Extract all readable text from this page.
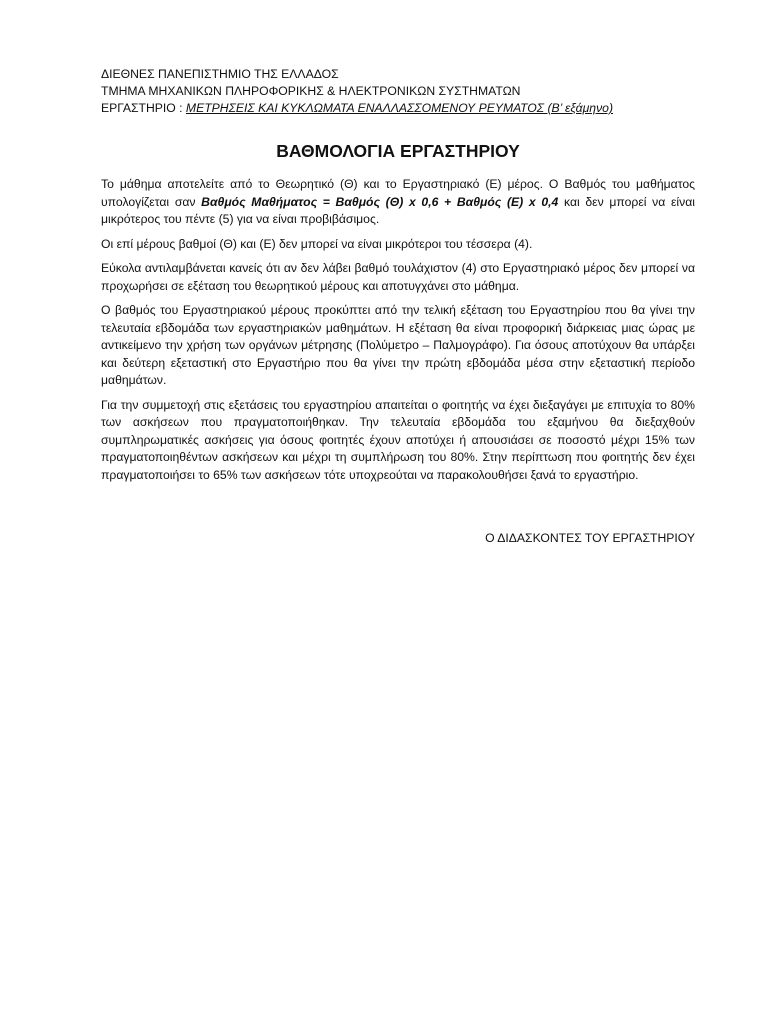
ΔΙΕΘΝΕΣ ΠΑΝΕΠΙΣΤΗΜΙΟ ΤΗΣ ΕΛΛΑΔΟΣ
ΤΜΗΜΑ ΜΗΧΑΝΙΚΩΝ ΠΛΗΡΟΦΟΡΙΚΗΣ & ΗΛΕΚΤΡΟΝΙΚΩΝ ΣΥΣΤΗΜΑΤΩΝ
ΕΡΓΑΣΤΗΡΙΟ : ΜΕΤΡΗΣΕΙΣ ΚΑΙ ΚΥΚΛΩΜΑΤΑ ΕΝΑΛΛΑΣΣΟΜΕΝΟΥ ΡΕΥΜΑΤΟΣ (Β’ εξάμηνο)
ΒΑΘΜΟΛΟΓΙΑ ΕΡΓΑΣΤΗΡΙΟΥ

Το μάθημα αποτελείτε από το Θεωρητικό (Θ) και το Εργαστηριακό (Ε) μέρος. Ο Βαθμός του μαθήματος υπολογίζεται σαν Βαθμός Μαθήματος = Βαθμός (Θ) x 0,6 + Βαθμός (Ε) x 0,4 και δεν μπορεί να είναι μικρότερος του πέντε (5) για να είναι προβιβάσιμος.

Οι επί μέρους βαθμοί (Θ) και (Ε) δεν μπορεί να είναι μικρότεροι του τέσσερα (4).

Εύκολα αντιλαμβάνεται κανείς ότι αν δεν λάβει βαθμό τουλάχιστον (4) στο Εργαστηριακό μέρος δεν μπορεί να προχωρήσει σε εξέταση του θεωρητικού μέρους και αποτυγχάνει στο μάθημα.

Ο βαθμός του Εργαστηριακού μέρους προκύπτει από την τελική εξέταση του Εργαστηρίου που θα γίνει την τελευταία εβδομάδα των εργαστηριακών μαθημάτων. Η εξέταση θα είναι προφορική διάρκειας μιας ώρας με αντικείμενο την χρήση των οργάνων μέτρησης (Πολύμετρο – Παλμογράφο). Για όσους αποτύχουν θα υπάρξει και δεύτερη εξεταστική στο Εργαστήριο που θα γίνει την πρώτη εβδομάδα μέσα στην εξεταστική περίοδο μαθημάτων.

Για την συμμετοχή στις εξετάσεις του εργαστηρίου απαιτείται ο φοιτητής να έχει διεξαγάγει με επιτυχία το 80% των ασκήσεων που πραγματοποιήθηκαν. Την τελευταία εβδομάδα του εξαμήνου θα διεξαχθούν συμπληρωματικές ασκήσεις για όσους φοιτητές έχουν αποτύχει ή απουσιάσει σε ποσοστό μέχρι 15% των πραγματοποιηθέντων ασκήσεων και μέχρι τη συμπλήρωση του 80%. Στην περίπτωση που φοιτητής δεν έχει πραγματοποιήσει το 65% των ασκήσεων τότε υποχρεούται να παρακολουθήσει ξανά το εργαστήριο.

Ο ΔΙΔΑΣΚΟΝΤΕΣ ΤΟΥ ΕΡΓΑΣΤΗΡΙΟΥ
